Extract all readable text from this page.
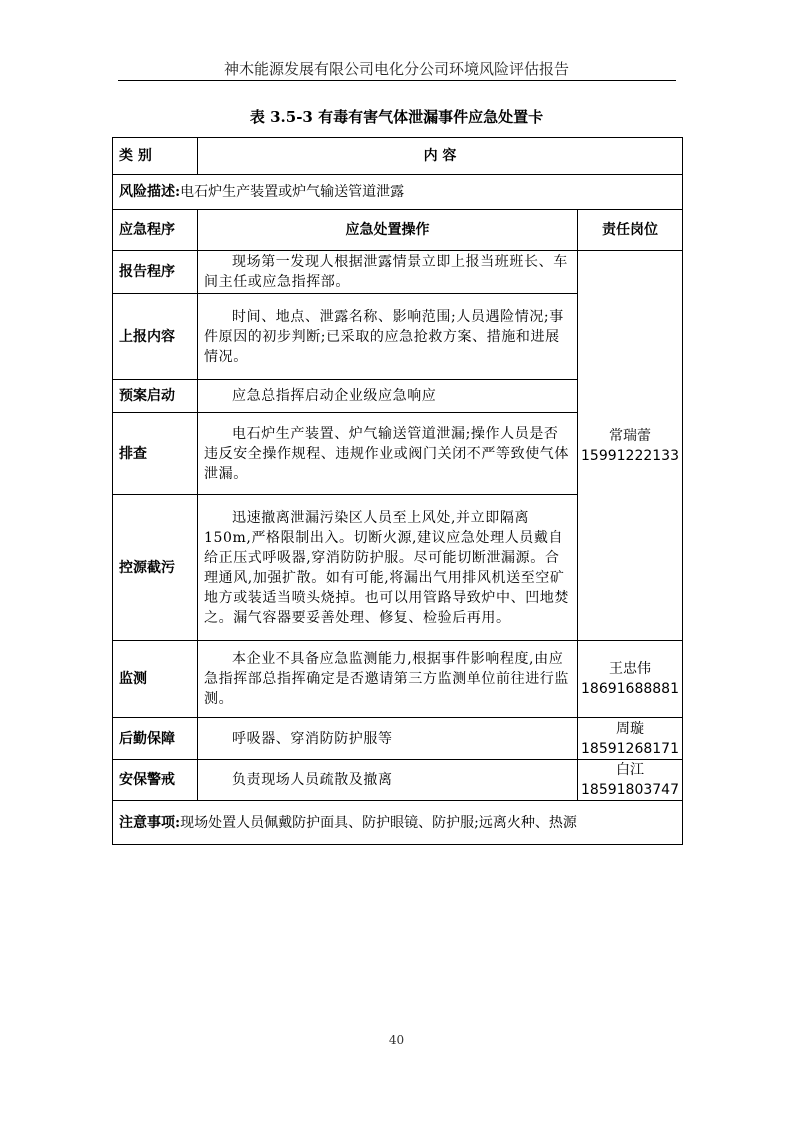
神木能源发展有限公司电化分公司环境风险评估报告
表 3.5-3 有毒有害气体泄漏事件应急处置卡
类 别	内 容	
风险描述:电石炉生产装置或炉气输送管道泄露		
应急程序	应急处置操作	责任岗位
报告程序	现场第一发现人根据泄露情景立即上报当班班长、车间主任或应急指挥部。	常瑞蕾
15991222133

上报内容	时间、地点、泄露名称、影响范围;人员遇险情况;事件原因的初步判断;已采取的应急抢救方案、措施和进展情况。	
预案启动	应急总指挥启动企业级应急响应	
排查	电石炉生产装置、炉气输送管道泄漏;操作人员是否违反安全操作规程、违规作业或阀门关闭不严等致使气体泄漏。	
控源截污	迅速撤离泄漏污染区人员至上风处,并立即隔离150m,严格限制出入。切断火源,建议应急处理人员戴自给正压式呼吸器,穿消防防护服。尽可能切断泄漏源。合理通风,加强扩散。如有可能,将漏出气用排风机送至空矿地方或装适当喷头烧掉。也可以用管路导致炉中、凹地焚之。漏气容器要妥善处理、修复、检验后再用。	
监测	本企业不具备应急监测能力,根据事件影响程度,由应急指挥部总指挥确定是否邀请第三方监测单位前往进行监测。	王忠伟
18691688881

后勤保障	呼吸器、穿消防防护服等	周璇
18591268171

安保警戒	负责现场人员疏散及撤离	白江
18591803747

注意事项:现场处置人员佩戴防护面具、防护眼镜、防护服;远离火种、热源		
40
